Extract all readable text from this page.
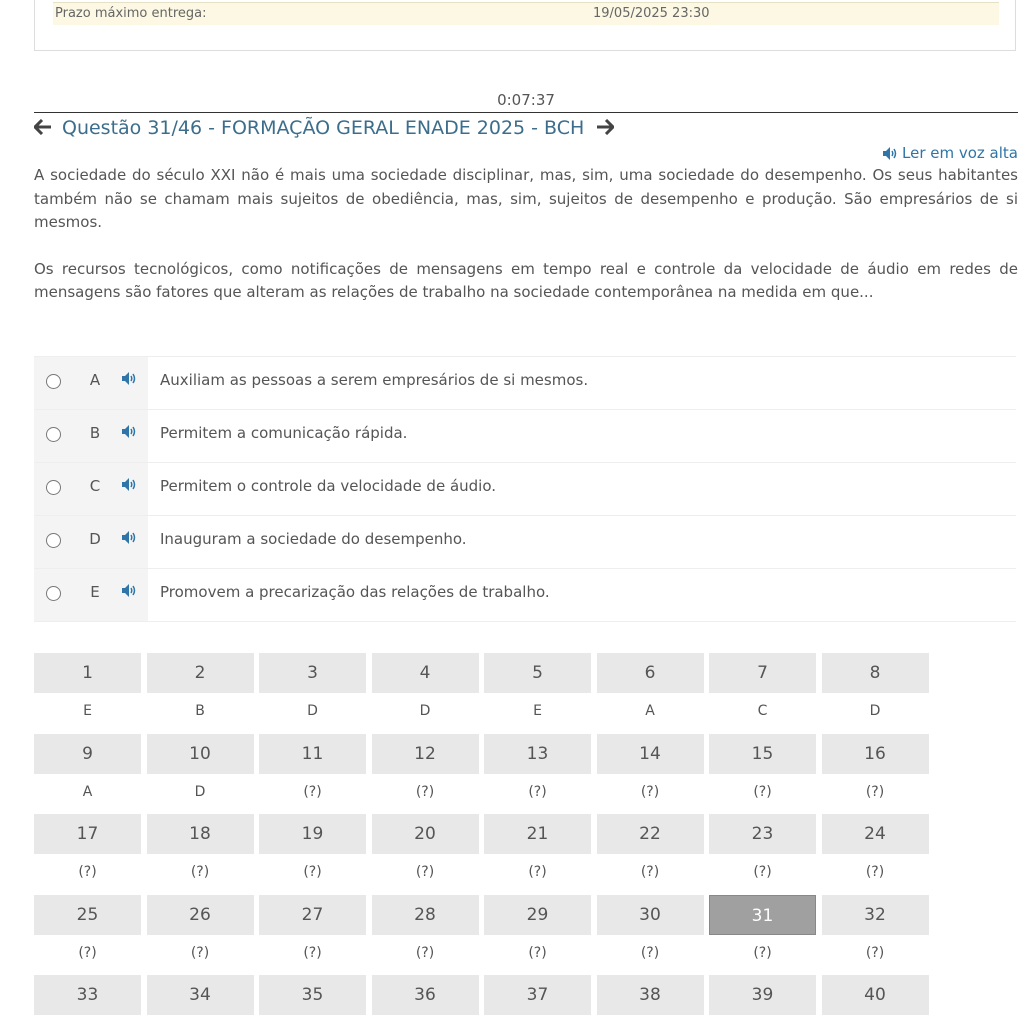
Prazo máximo entrega:	19/05/2025 23:30
0:07:37
Questão 31/46 - FORMAÇÃO GERAL ENADE 2025 - BCH
Ler em voz alta

A sociedade do século XXI não é mais uma sociedade disciplinar, mas, sim, uma sociedade do desempenho. Os seus habitantes também não se chamam mais sujeitos de obediência, mas, sim, sujeitos de desempenho e produção. São empresários de si mesmos.

Os recursos tecnológicos, como notificações de mensagens em tempo real e controle da velocidade de áudio em redes de mensagens são fatores que alteram as relações de trabalho na sociedade contemporânea na medida em que...

A	Auxiliam as pessoas a serem empresários de si mesmos.
B	Permitem a comunicação rápida.
C	Permitem o controle da velocidade de áudio.
D	Inauguram a sociedade do desempenho.
E	Promovem a precarização das relações de trabalho.
1	2	3	4	5	6	7	8
E	B	D	D	E	A	C	D
9	10	11	12	13	14	15	16
A	D	(?)	(?)	(?)	(?)	(?)	(?)
17	18	19	20	21	22	23	24
(?)	(?)	(?)	(?)	(?)	(?)	(?)	(?)
25	26	27	28	29	30	31	32
(?)	(?)	(?)	(?)	(?)	(?)	(?)	(?)
33	34	35	36	37	38	39	40
